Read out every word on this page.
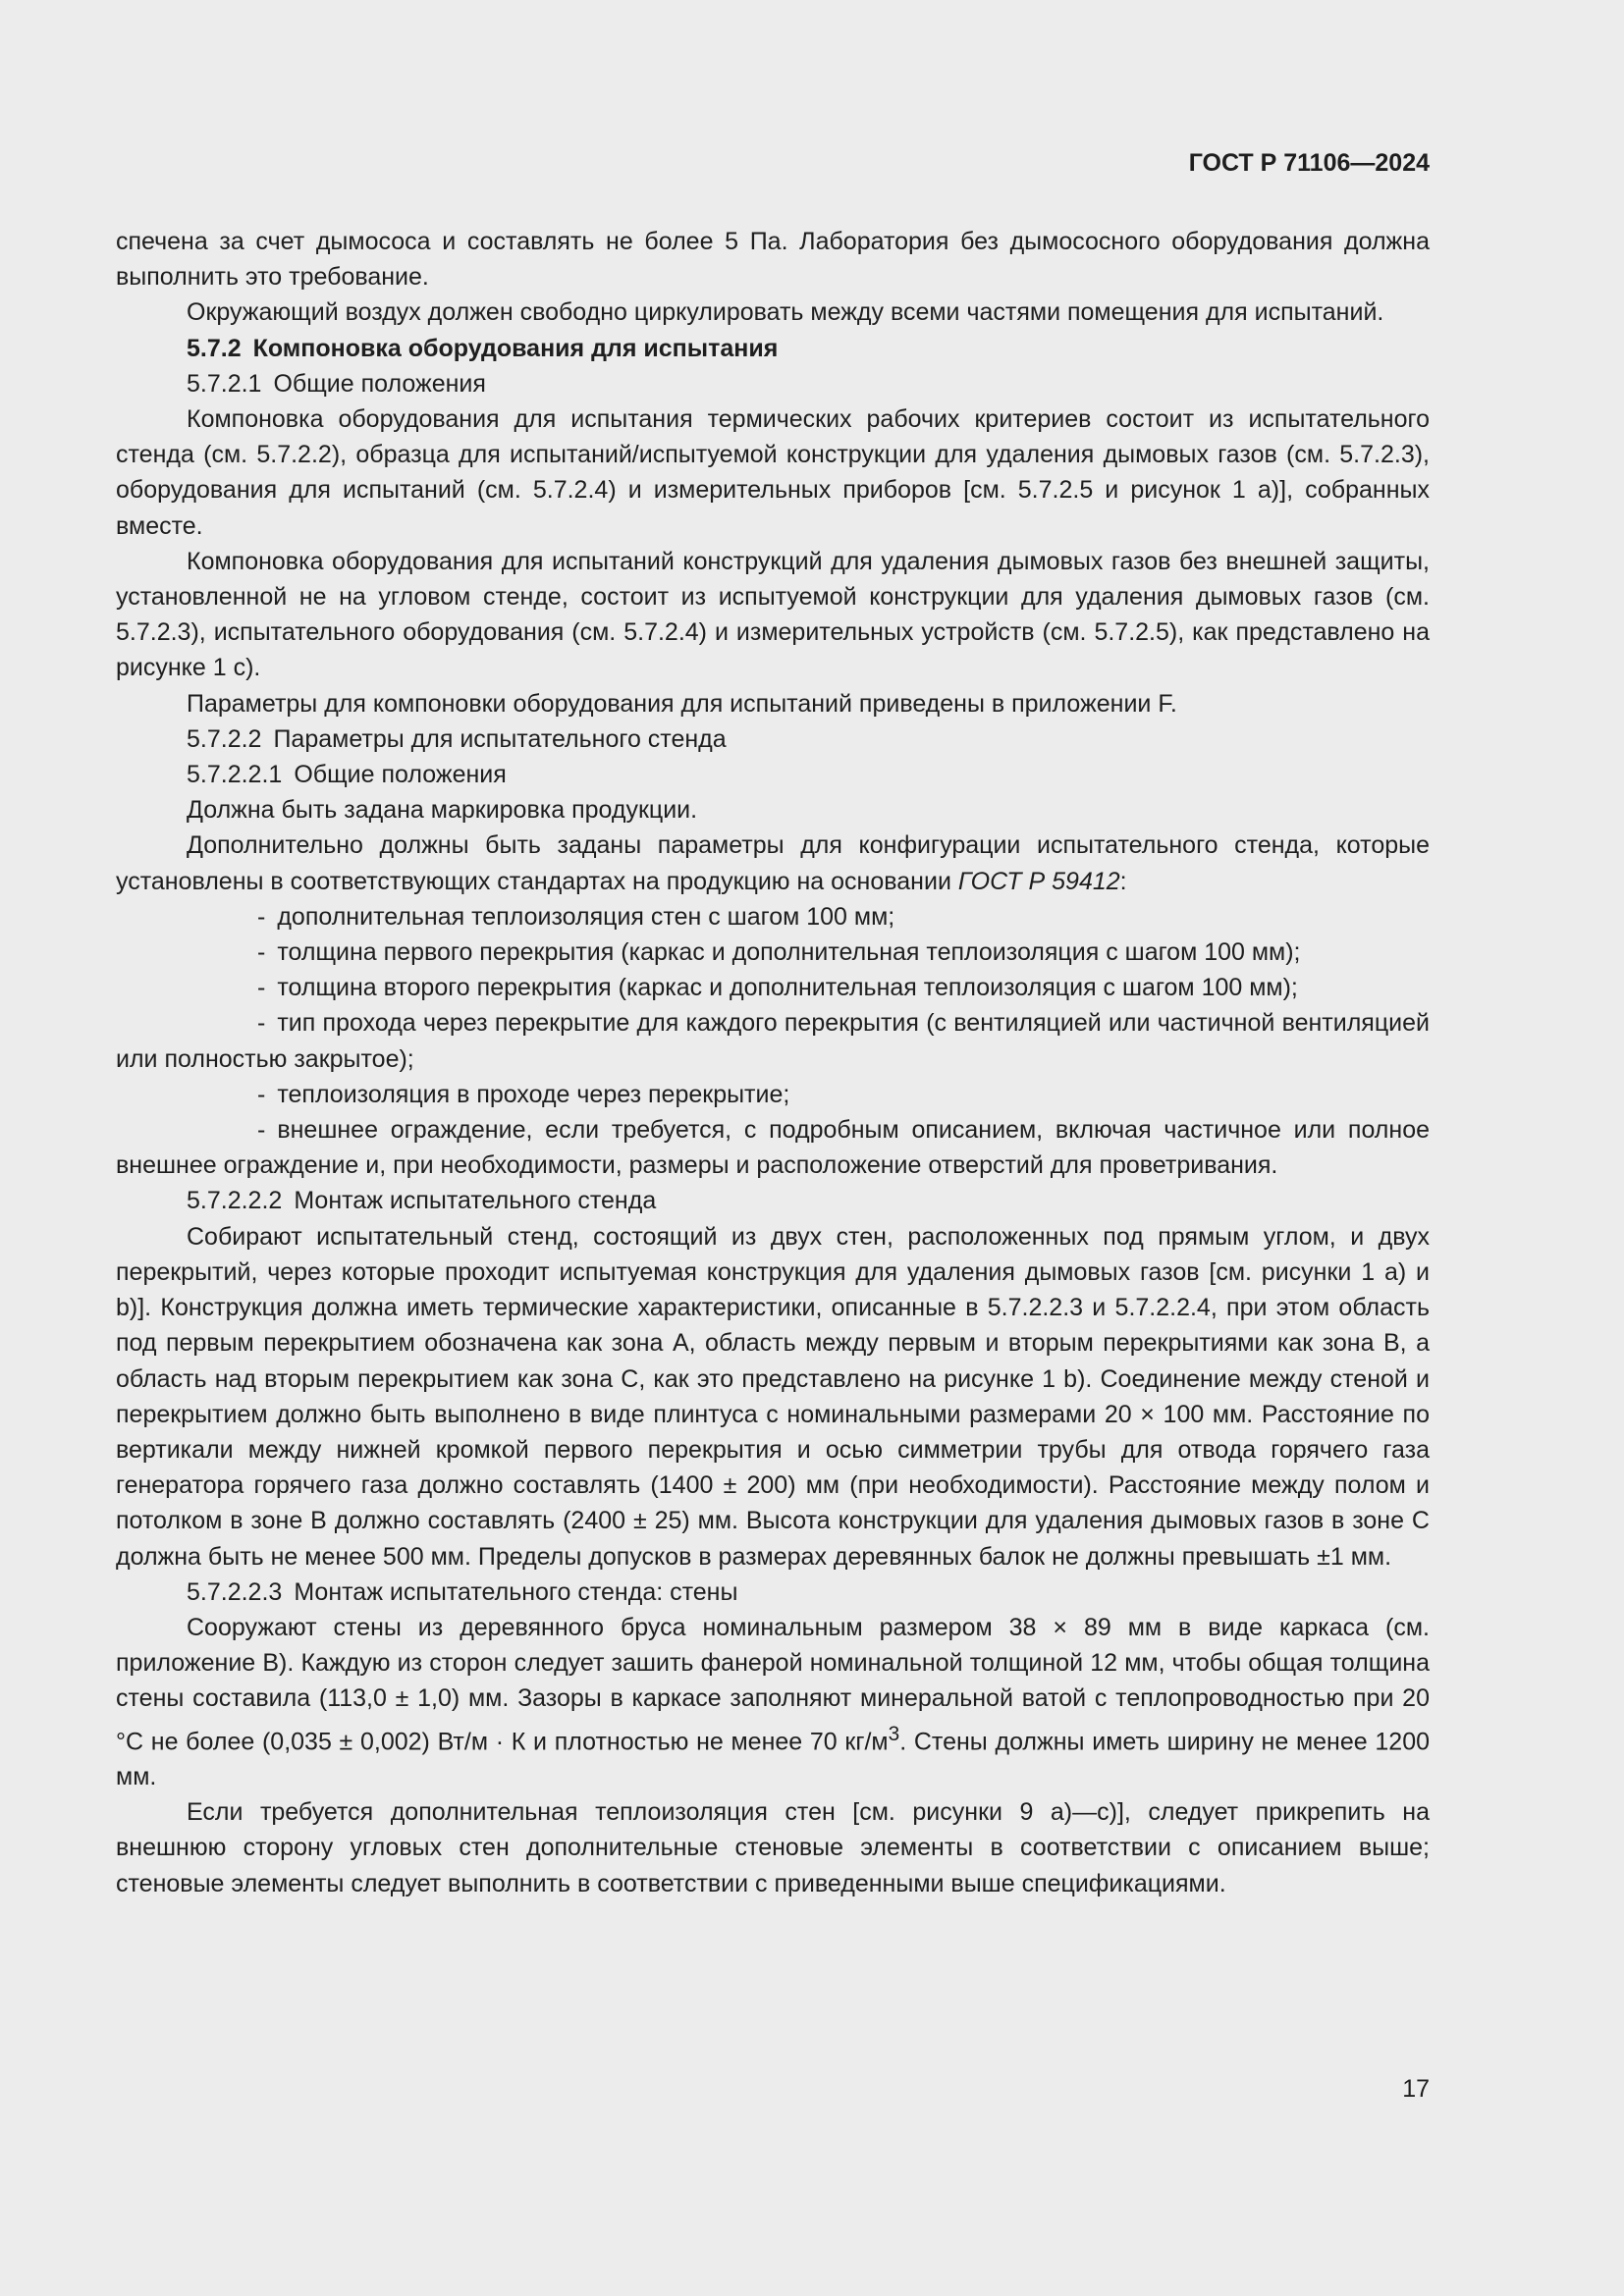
ГОСТ Р 71106—2024

спечена за счет дымососа и составлять не более 5 Па. Лаборатория без дымососного оборудования должна выполнить это требование.

Окружающий воздух должен свободно циркулировать между всеми частями помещения для испытаний.

5.7.2 Компоновка оборудования для испытания

5.7.2.1 Общие положения

Компоновка оборудования для испытания термических рабочих критериев состоит из испытательного стенда (см. 5.7.2.2), образца для испытаний/испытуемой конструкции для удаления дымовых газов (см. 5.7.2.3), оборудования для испытаний (см. 5.7.2.4) и измерительных приборов [см. 5.7.2.5 и рисунок 1 а)], собранных вместе.

Компоновка оборудования для испытаний конструкций для удаления дымовых газов без внешней защиты, установленной не на угловом стенде, состоит из испытуемой конструкции для удаления дымовых газов (см. 5.7.2.3), испытательного оборудования (см. 5.7.2.4) и измерительных устройств (см. 5.7.2.5), как представлено на рисунке 1 с).

Параметры для компоновки оборудования для испытаний приведены в приложении F.

5.7.2.2 Параметры для испытательного стенда

5.7.2.2.1 Общие положения

Должна быть задана маркировка продукции.

Дополнительно должны быть заданы параметры для конфигурации испытательного стенда, которые установлены в соответствующих стандартах на продукцию на основании ГОСТ Р 59412:

- дополнительная теплоизоляция стен с шагом 100 мм;

- толщина первого перекрытия (каркас и дополнительная теплоизоляция с шагом 100 мм);

- толщина второго перекрытия (каркас и дополнительная теплоизоляция с шагом 100 мм);

- тип прохода через перекрытие для каждого перекрытия (с вентиляцией или частичной вентиляцией или полностью закрытое);

- теплоизоляция в проходе через перекрытие;

- внешнее ограждение, если требуется, с подробным описанием, включая частичное или полное внешнее ограждение и, при необходимости, размеры и расположение отверстий для проветривания.

5.7.2.2.2 Монтаж испытательного стенда

Собирают испытательный стенд, состоящий из двух стен, расположенных под прямым углом, и двух перекрытий, через которые проходит испытуемая конструкция для удаления дымовых газов [см. рисунки 1 а) и b)]. Конструкция должна иметь термические характеристики, описанные в 5.7.2.2.3 и 5.7.2.2.4, при этом область под первым перекрытием обозначена как зона А, область между первым и вторым перекрытиями как зона В, а область над вторым перекрытием как зона С, как это представлено на рисунке 1 b). Соединение между стеной и перекрытием должно быть выполнено в виде плинтуса с номинальными размерами 20 × 100 мм. Расстояние по вертикали между нижней кромкой первого перекрытия и осью симметрии трубы для отвода горячего газа генератора горячего газа должно составлять (1400 ± 200) мм (при необходимости). Расстояние между полом и потолком в зоне В должно составлять (2400 ± 25) мм. Высота конструкции для удаления дымовых газов в зоне С должна быть не менее 500 мм. Пределы допусков в размерах деревянных балок не должны превышать ±1 мм.

5.7.2.2.3 Монтаж испытательного стенда: стены

Сооружают стены из деревянного бруса номинальным размером 38 × 89 мм в виде каркаса (см. приложение В). Каждую из сторон следует зашить фанерой номинальной толщиной 12 мм, чтобы общая толщина стены составила (113,0 ± 1,0) мм. Зазоры в каркасе заполняют минеральной ватой с теплопроводностью при 20 °С не более (0,035 ± 0,002) Вт/м · К и плотностью не менее 70 $кг/м^3$. Стены должны иметь ширину не менее 1200 мм.

Если требуется дополнительная теплоизоляция стен [см. рисунки 9 а)—с)], следует прикрепить на внешнюю сторону угловых стен дополнительные стеновые элементы в соответствии с описанием выше; стеновые элементы следует выполнить в соответствии с приведенными выше спецификациями.

17
